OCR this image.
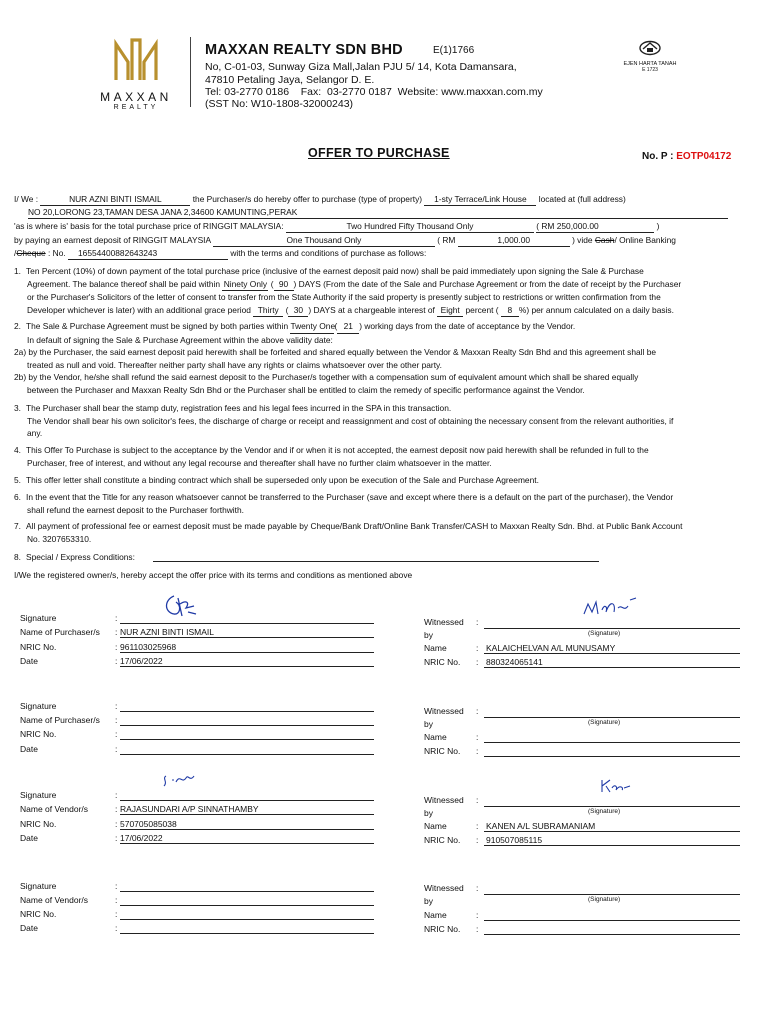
MAXXAN
REALTY
MAXXAN REALTY SDN BHD	E(1)1766
No, C-01-03, Sunway Giza Mall,Jalan PJU 5/ 14, Kota Damansara,
47810 Petaling Jaya, Selangor D. E.
Tel: 03-2770 0186    Fax:  03-2770 0187  Website: www.maxxan.com.my
(SST No: W10-1808-32000243)
EJEN HARTA TANAH
E 1723
OFFER TO PURCHASE	No. P : EOTP04172
I/ We :	NUR AZNI BINTI ISMAIL	the Purchaser/s do hereby offer to purchase (type of property) 1-sty Terrace/Link House located at (full address)
NO 20,LORONG 23,TAMAN DESA JANA 2,34600 KAMUNTING,PERAK
'as is where is' basis for the total purchase price of RINGGIT MALAYSIA:	Two Hundred Fifty Thousand Only	( RM 250,000.00	)
by paying an earnest deposit of RINGGIT MALAYSIA	One Thousand Only	( RM	1,000.00	) vide Cash/ Online Banking
/Cheque : No. 16554400882643243	with the terms and conditions of purchase as follows:
1. Ten Percent (10%) of down payment of the total purchase price (inclusive of the earnest deposit paid now) shall be paid immediately upon signing the Sale & Purchase
Agreement. The balance thereof shall be paid within Ninety Only ( 90 ) DAYS (From the date of the Sale and Purchase Agreement or from the date of receipt by the Purchaser
or the Purchaser's Solicitors of the letter of consent to transfer from the State Authority if the said property is presently subject to restrictions or written confirmation from the
Developer whichever is later) with an additional grace period Thirty ( 30 ) DAYS at a chargeable interest of Eight percent ( 8 %) per annum calculated on a daily basis.
2. The Sale & Purchase Agreement must be signed by both parties within Twenty One( 21 ) working days from the date of acceptance by the Vendor.
In default of signing the Sale & Purchase Agreement within the above validity date:
2a) by the Purchaser, the said earnest deposit paid herewith shall be forfeited and shared equally between the Vendor & Maxxan Realty Sdn Bhd and this agreement shall be
treated as null and void. Thereafter neither party shall have any rights or claims whatsoever over the other party.
2b) by the Vendor, he/she shall refund the said earnest deposit to the Purchaser/s together with a compensation sum of equivalent amount which shall be shared equally
between the Purchaser and Maxxan Realty Sdn Bhd or the Purchaser shall be entitled to claim the remedy of specific performance against the Vendor.
3. The Purchaser shall bear the stamp duty, registration fees and his legal fees incurred in the SPA in this transaction.
The Vendor shall bear his own solicitor's fees, the discharge of charge or receipt and reassignment and cost of obtaining the necessary consent from the relevant authorities, if
any.
4. This Offer To Purchase is subject to the acceptance by the Vendor and if or when it is not accepted, the earnest deposit now paid herewith shall be refunded in full to the
Purchaser, free of interest, and without any legal recourse and thereafter shall have no further claim whatsoever in the matter.
5. This offer letter shall constitute a binding contract which shall be superseded only upon be execution of the Sale and Purchase Agreement.
6. In the event that the Title for any reason whatsoever cannot be transferred to the Purchaser (save and except where there is a default on the part of the purchaser), the Vendor
shall refund the earnest deposit to the Purchaser forthwith.
7. All payment of professional fee or earnest deposit must be made payable by Cheque/Bank Draft/Online Bank Transfer/CASH to Maxxan Realty Sdn. Bhd. at Public Bank Account
No. 3207653310.
8. Special / Express Conditions:
I/We the registered owner/s, hereby accept the offer price with its terms and conditions as mentioned above
Signature	:
Name of Purchaser/s : NUR AZNI BINTI ISMAIL
NRIC No.	: 961103025968
Date	: 17/06/2022
Signature	:
Name of Purchaser/s :
NRIC No.	:
Date	:
Signature	:
Name of Vendor/s	: RAJASUNDARI A/P SINNATHAMBY
NRIC No.	: 570705085038
Date	: 17/06/2022
Signature	:
Name of Vendor/s	:
NRIC No.	:
Date	:
Witnessed :
(Signature)
by
Name	: KALAICHELVAN A/L MUNUSAMY
NRIC No. : 880324065141
Witnessed :
(Signature)
by
Name	:
NRIC No. :
Witnessed :
(Signature)
by
Name	: KANEN A/L SUBRAMANIAM
NRIC No. : 910507085115
Witnessed :
(Signature)
by
Name	:
NRIC No. :
